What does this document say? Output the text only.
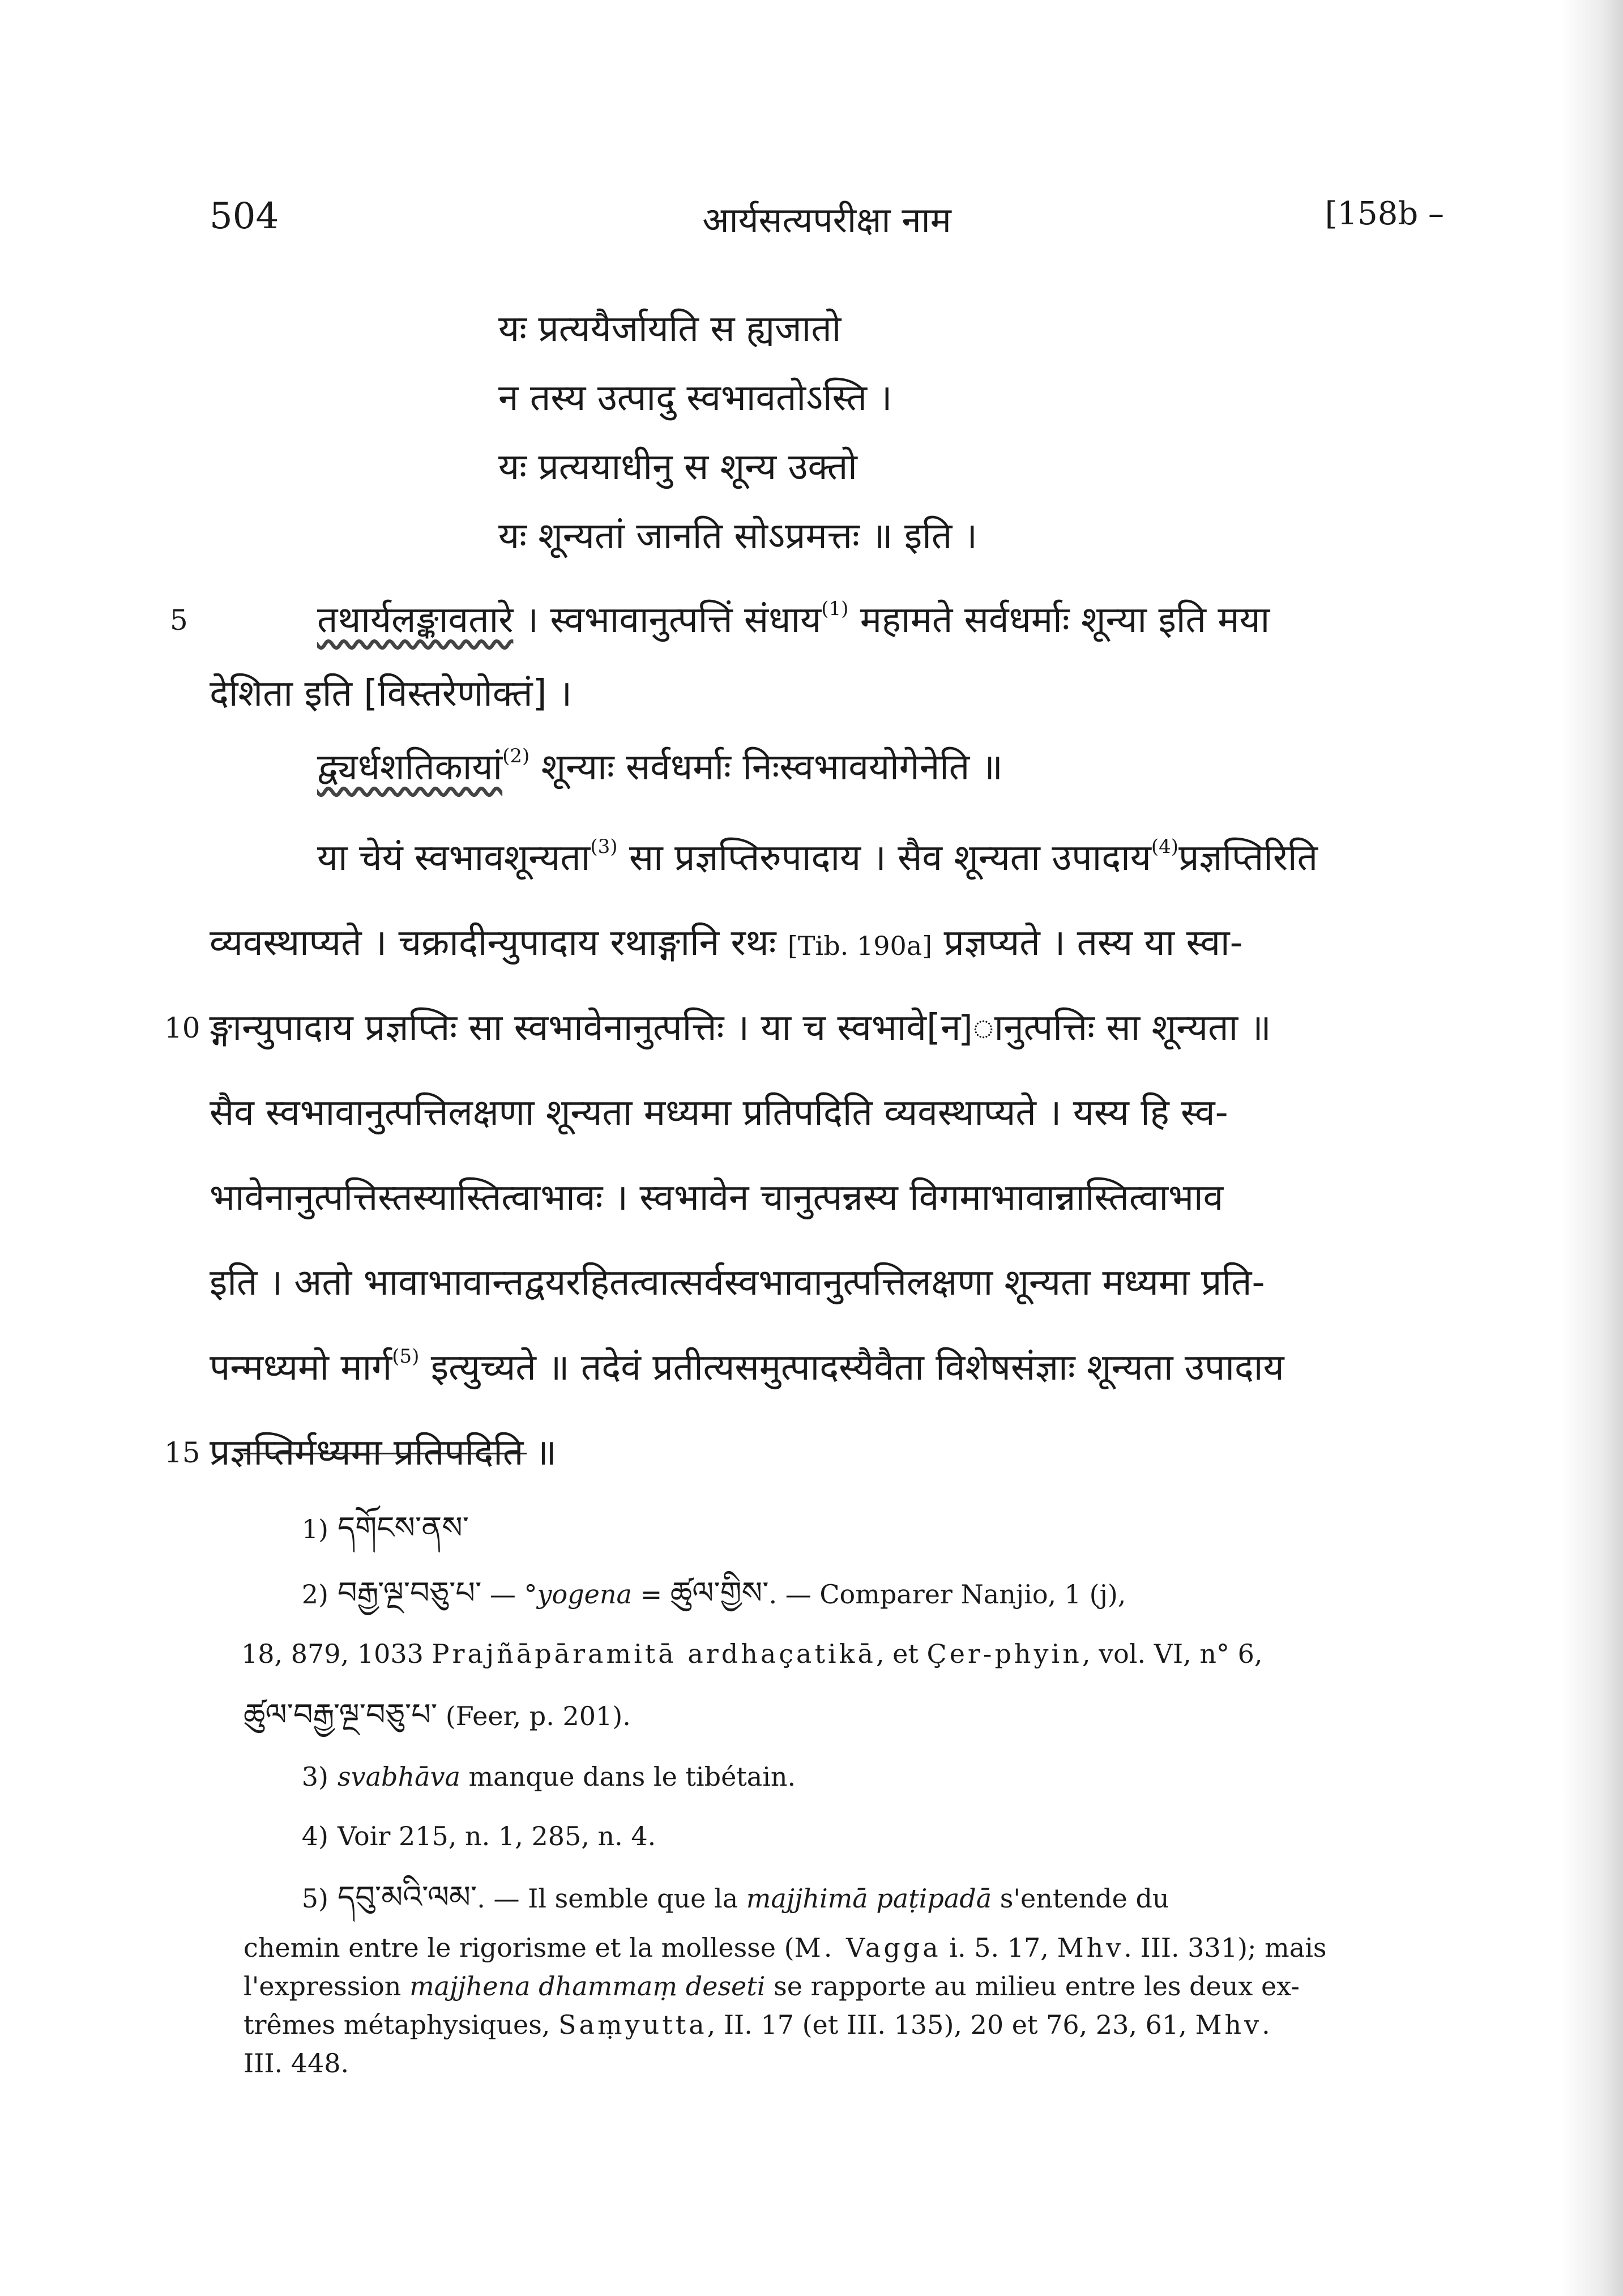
504	आर्यसत्यपरीक्षा नाम	[158b –
यः प्रत्ययैर्जायति स ह्यजातो
न तस्य उत्पादु स्वभावतोऽस्ति ।
यः प्रत्ययाधीनु स शून्य उक्तो
यः शून्यतां जानति सोऽप्रमत्तः ॥ इति ।
5	तथार्यलङ्कावतारे । स्वभावानुत्पत्तिं संधाय$^{(1)}$ महामते सर्वधर्माः शून्या इति मया
देशिता इति [विस्तरेणोक्तं] ।
द्व्यर्धशतिकायां$^{(2)}$ शून्याः सर्वधर्माः निःस्वभावयोगेनेति ॥
या चेयं स्वभावशून्यता$^{(3)}$ सा प्रज्ञप्तिरुपादाय । सैव शून्यता उपादाय$^{(4)}$प्रज्ञप्तिरिति
व्यवस्थाप्यते । चक्रादीन्युपादाय रथाङ्गानि रथः [Tib. 190a] प्रज्ञप्यते । तस्य या स्वा-
10 ङ्गान्युपादाय प्रज्ञप्तिः सा स्वभावेनानुत्पत्तिः । या च स्वभावे[न]ानुत्पत्तिः सा शून्यता ॥
सैव स्वभावानुत्पत्तिलक्षणा शून्यता मध्यमा प्रतिपदिति व्यवस्थाप्यते । यस्य हि स्व-
भावेनानुत्पत्तिस्तस्यास्तित्वाभावः । स्वभावेन चानुत्पन्नस्य विगमाभावान्नास्तित्वाभाव
इति । अतो भावाभावान्तद्वयरहितत्वात्सर्वस्वभावानुत्पत्तिलक्षणा शून्यता मध्यमा प्रति-
पन्मध्यमो मार्ग$^{(5)}$ इत्युच्यते ॥ तदेवं प्रतीत्यसमुत्पादस्यैवैता विशेषसंज्ञाः शून्यता उपादाय
15 प्रज्ञप्तिर्मध्यमा प्रतिपदिति ॥
1) དགོངས་ནས་
2) བརྒྱ་ལྔ་བཅུ་པ་ — °yogena = ཚུལ་གྱིས་. — Comparer Nanjio, 1 (j),
18, 879, 1033 Prajñāpāramitā ardhaçatikā, et Çer-phyin, vol. VI, n° 6,
ཚུལ་བརྒྱ་ལྔ་བཅུ་པ་ (Feer, p. 201).
3) svabhāva manque dans le tibétain.
4) Voir 215, n. 1, 285, n. 4.
5) དབུ་མའི་ལམ་. — Il semble que la majjhimā paṭipadā s'entende du
chemin entre le rigorisme et la mollesse (M. Vagga i. 5. 17, Mhv. III. 331); mais
l'expression majjhena dhammaṃ deseti se rapporte au milieu entre les deux ex-
trêmes métaphysiques, Saṃyutta, II. 17 (et III. 135), 20 et 76, 23, 61, Mhv.
III. 448.
